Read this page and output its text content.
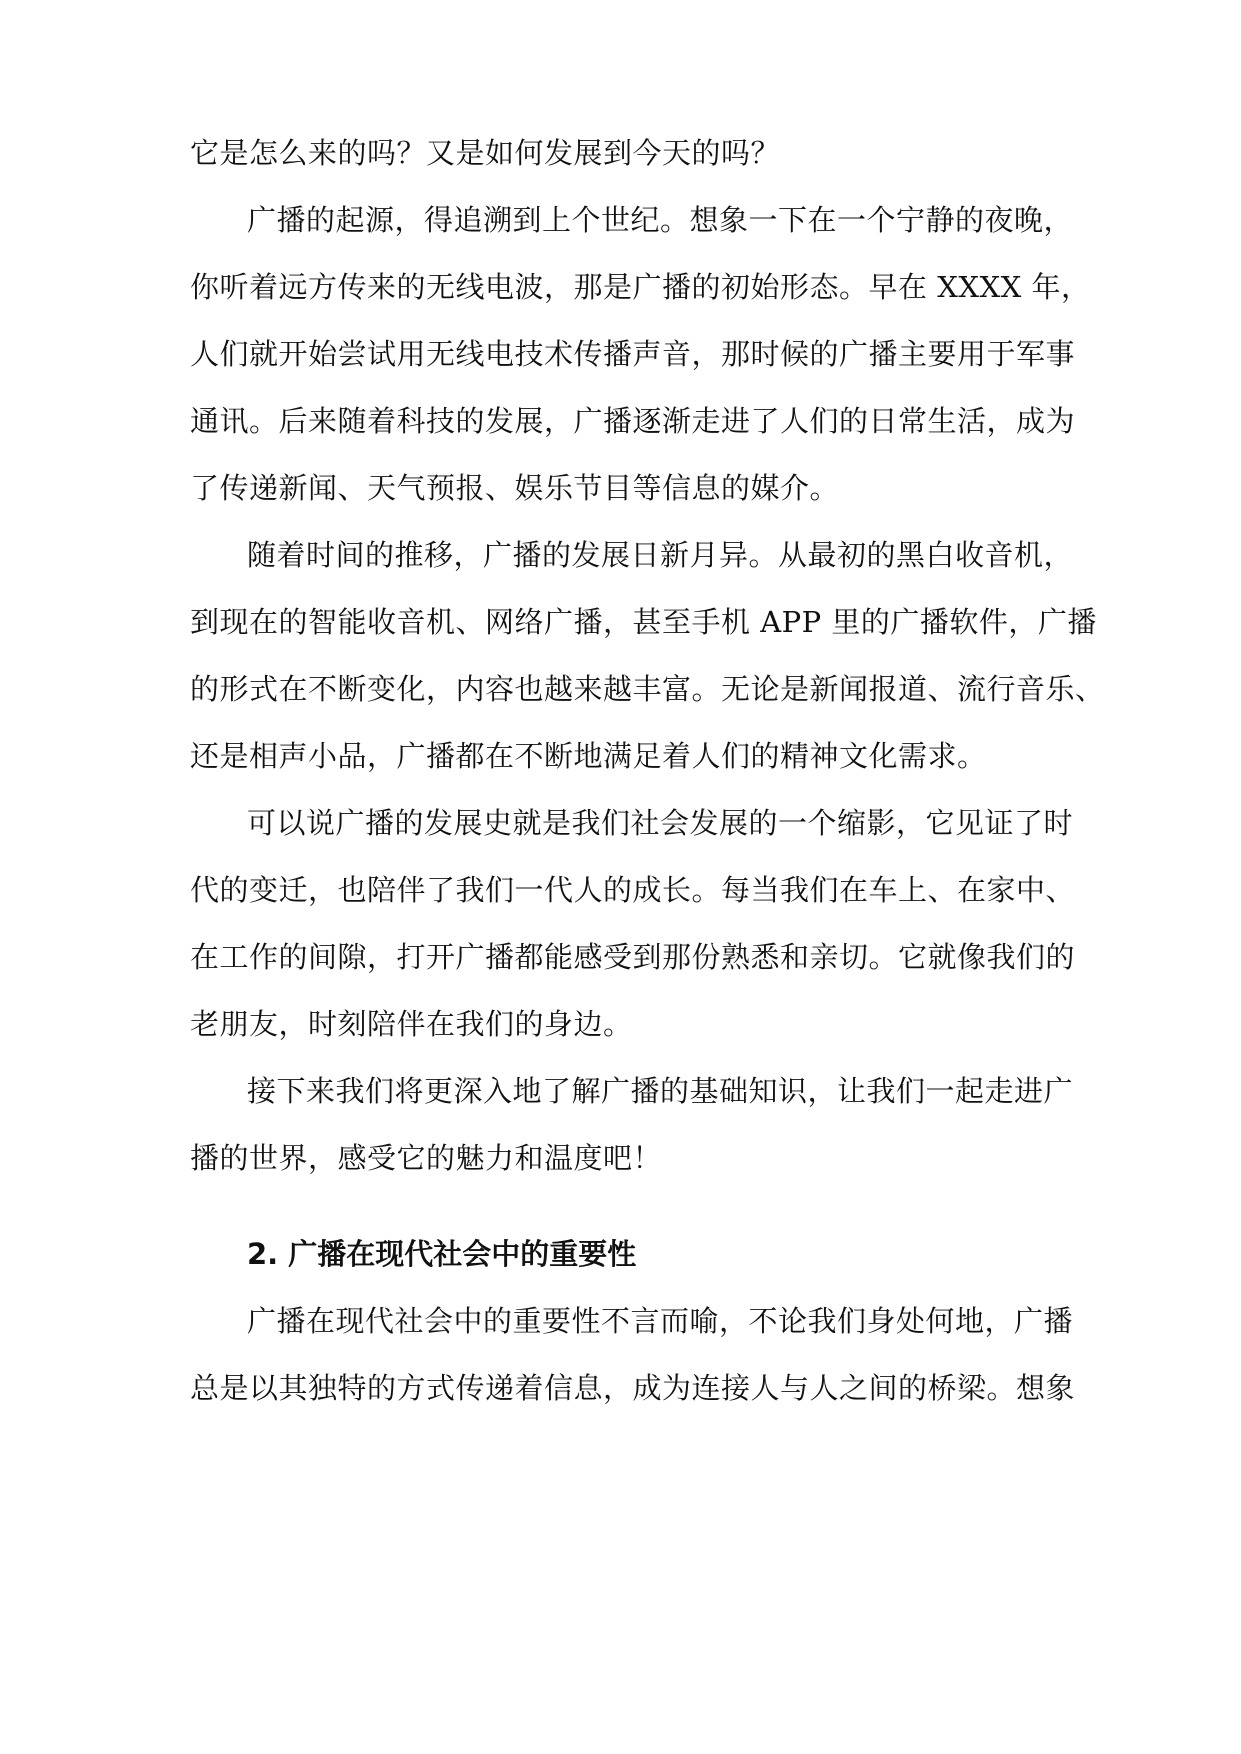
它是怎么来的吗？又是如何发展到今天的吗？
广播的起源，得追溯到上个世纪。想象一下在一个宁静的夜晚，
你听着远方传来的无线电波，那是广播的初始形态。早在 XXXX 年，
人们就开始尝试用无线电技术传播声音，那时候的广播主要用于军事
通讯。后来随着科技的发展，广播逐渐走进了人们的日常生活，成为
了传递新闻、天气预报、娱乐节目等信息的媒介。
随着时间的推移，广播的发展日新月异。从最初的黑白收音机，
到现在的智能收音机、网络广播，甚至手机 APP 里的广播软件，广播
的形式在不断变化，内容也越来越丰富。无论是新闻报道、流行音乐、
还是相声小品，广播都在不断地满足着人们的精神文化需求。
可以说广播的发展史就是我们社会发展的一个缩影，它见证了时
代的变迁，也陪伴了我们一代人的成长。每当我们在车上、在家中、
在工作的间隙，打开广播都能感受到那份熟悉和亲切。它就像我们的
老朋友，时刻陪伴在我们的身边。
接下来我们将更深入地了解广播的基础知识，让我们一起走进广
播的世界，感受它的魅力和温度吧！
2. 广播在现代社会中的重要性
广播在现代社会中的重要性不言而喻，不论我们身处何地，广播
总是以其独特的方式传递着信息，成为连接人与人之间的桥梁。想象
